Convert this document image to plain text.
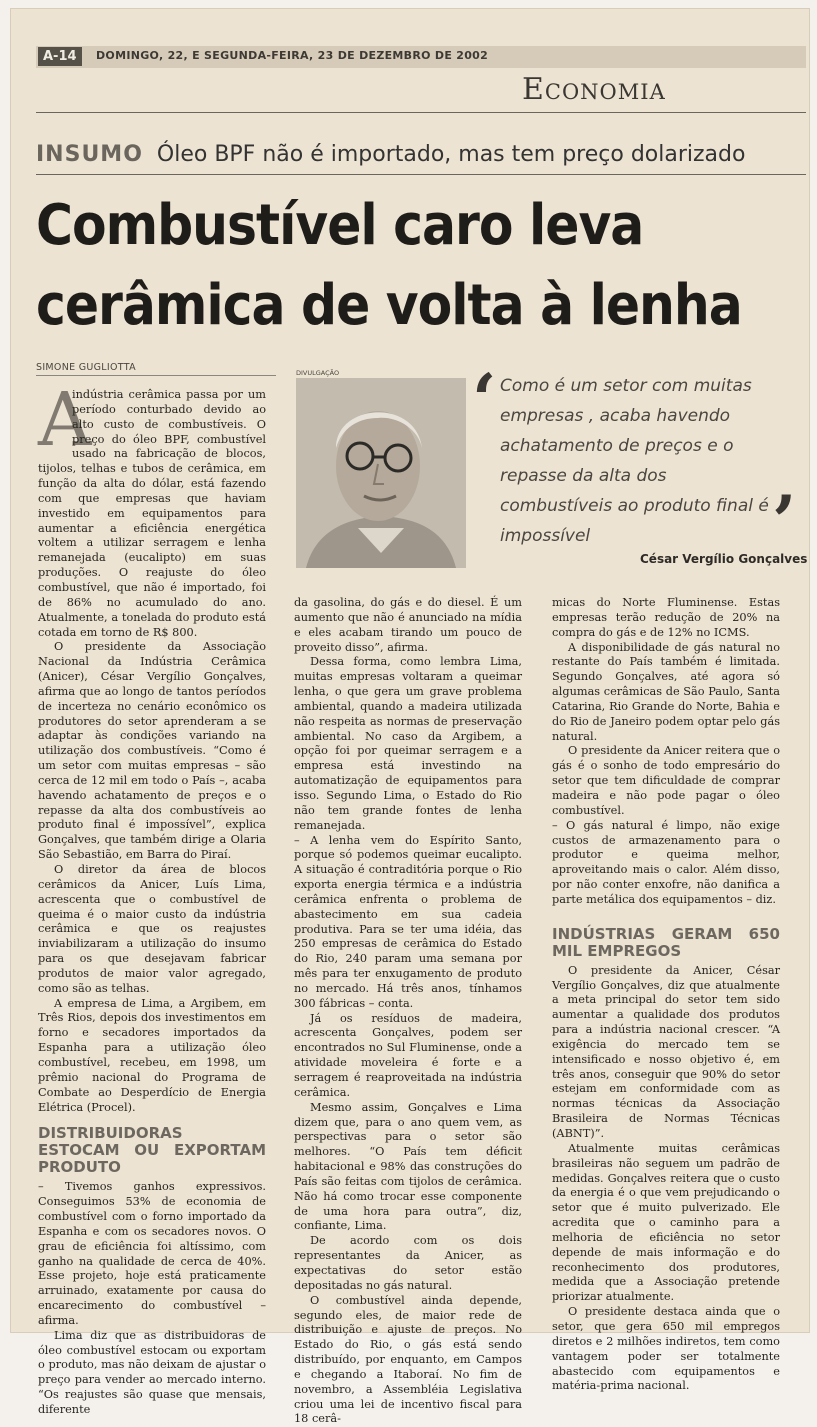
A-14	DOMINGO, 22, E SEGUNDA-FEIRA, 23 DE DEZEMBRO DE 2002
Economia
INSUMO Óleo BPF não é importado, mas tem preço dolarizado
Combustível caro leva
cerâmica de volta à lenha
SIMONE GUGLIOTTA	DIVULGAÇÃO ‘ Como é um setor com muitas empresas , acaba havendo achatamento de preços e o repasse da alta dos combustíveis ao produto final é impossível	’
César Vergílio Gonçalves

A
indústria cerâmica passa por um período conturbado devido ao alto custo de combustíveis. O preço do óleo BPF, combustível usado na fabricação de blocos, tijolos, telhas e tubos de cerâmica, em função da alta do dólar, está fazendo com que empresas que haviam investido em equipamentos para aumentar a eficiência energética voltem a utilizar serragem e lenha remanejada (eucalipto) em suas produções. O reajuste do óleo combustível, que não é importado, foi de 86% no acumulado do ano. Atualmente, a tonelada do produto está cotada em torno de R$ 800.

O presidente da Associação Nacional da Indústria Cerâmica (Anicer), César Vergílio Gonçalves, afirma que ao longo de tantos períodos de incerteza no cenário econômico os produtores do setor aprenderam a se adaptar às condições variando na utilização dos combustíveis. “Como é um setor com muitas empresas – são cerca de 12 mil em todo o País –, acaba havendo achatamento de preços e o repasse da alta dos combustíveis ao produto final é impossível”, explica Gonçalves, que também dirige a Olaria São Sebastião, em Barra do Piraí.

O diretor da área de blocos cerâmicos da Anicer, Luís Lima, acrescenta que o combustível de queima é o maior custo da indústria cerâmica e que os reajustes inviabilizaram a utilização do insumo para os que desejavam fabricar produtos de maior valor agregado, como são as telhas.

A empresa de Lima, a Argibem, em Três Rios, depois dos investimentos em forno e secadores importados da Espanha para a utilização óleo combustível, recebeu, em 1998, um prêmio nacional do Programa de Combate ao Desperdício de Energia Elétrica (Procel).

DISTRIBUIDORAS ESTOCAM OU EXPORTAM PRODUTO

– Tivemos ganhos expressivos. Conseguimos 53% de economia de combustível com o forno importado da Espanha e com os secadores novos. O grau de eficiência foi altíssimo, com ganho na qualidade de cerca de 40%. Esse projeto, hoje está praticamente arruinado, exatamente por causa do encarecimento do combustível – afirma.

Lima diz que as distribuidoras de óleo combustível estocam ou exportam o produto, mas não deixam de ajustar o preço para vender ao mercado interno. “Os reajustes são quase que mensais, diferente

da gasolina, do gás e do diesel. É um aumento que não é anunciado na mídia e eles acabam tirando um pouco de proveito disso”, afirma.

Dessa forma, como lembra Lima, muitas empresas voltaram a queimar lenha, o que gera um grave problema ambiental, quando a madeira utilizada não respeita as normas de preservação ambiental. No caso da Argibem, a opção foi por queimar serragem e a empresa está investindo na automatização de equipamentos para isso. Segundo Lima, o Estado do Rio não tem grande fontes de lenha remanejada.

– A lenha vem do Espírito Santo, porque só podemos queimar eucalipto. A situação é contraditória porque o Rio exporta energia térmica e a indústria cerâmica enfrenta o problema de abastecimento em sua cadeia produtiva. Para se ter uma idéia, das 250 empresas de cerâmica do Estado do Rio, 240 param uma semana por mês para ter enxugamento de produto no mercado. Há três anos, tínhamos 300 fábricas – conta.

Já os resíduos de madeira, acrescenta Gonçalves, podem ser encontrados no Sul Fluminense, onde a atividade moveleira é forte e a serragem é reaproveitada na indústria cerâmica.

Mesmo assim, Gonçalves e Lima dizem que, para o ano quem vem, as perspectivas para o setor são melhores. “O País tem déficit habitacional e 98% das construções do País são feitas com tijolos de cerâmica. Não há como trocar esse componente de uma hora para outra”, diz, confiante, Lima.

De acordo com os dois representantes da Anicer, as expectativas do setor estão depositadas no gás natural.

O combustível ainda depende, segundo eles, de maior rede de distribuição e ajuste de preços. No Estado do Rio, o gás está sendo distribuído, por enquanto, em Campos e chegando a Itaboraí. No fim de novembro, a Assembléia Legislativa criou uma lei de incentivo fiscal para 18 cerâ-

micas do Norte Fluminense. Estas empresas terão redução de 20% na compra do gás e de 12% no ICMS.

A disponibilidade de gás natural no restante do País também é limitada. Segundo Gonçalves, até agora só algumas cerâmicas de São Paulo, Santa Catarina, Rio Grande do Norte, Bahia e do Rio de Janeiro podem optar pelo gás natural.

O presidente da Anicer reitera que o gás é o sonho de todo empresário do setor que tem dificuldade de comprar madeira e não pode pagar o óleo combustível.

– O gás natural é limpo, não exige custos de armazenamento para o produtor e queima melhor, aproveitando mais o calor. Além disso, por não conter enxofre, não danifica a parte metálica dos equipamentos – diz.

INDÚSTRIAS GERAM 650 MIL EMPREGOS

O presidente da Anicer, César Vergílio Gonçalves, diz que atualmente a meta principal do setor tem sido aumentar a qualidade dos produtos para a indústria nacional crescer. “A exigência do mercado tem se intensificado e nosso objetivo é, em três anos, conseguir que 90% do setor estejam em conformidade com as normas técnicas da Associação Brasileira de Normas Técnicas (ABNT)”.

Atualmente muitas cerâmicas brasileiras não seguem um padrão de medidas. Gonçalves reitera que o custo da energia é o que vem prejudicando o setor que é muito pulverizado. Ele acredita que o caminho para a melhoria de eficiência no setor depende de mais informação e do reconhecimento dos produtores, medida que a Associação pretende priorizar atualmente.

O presidente destaca ainda que o setor, que gera 650 mil empregos diretos e 2 milhões indiretos, tem como vantagem poder ser totalmente abastecido com equipamentos e matéria-prima nacional.
